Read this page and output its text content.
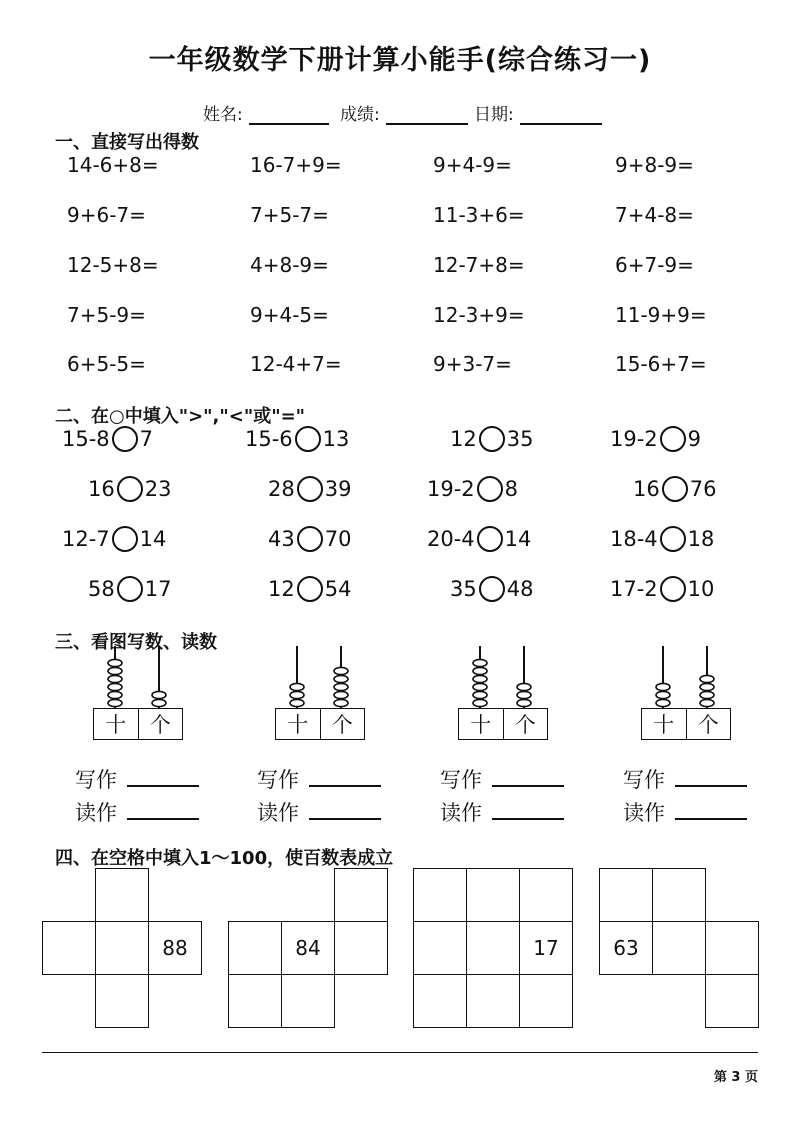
一年级数学下册计算小能手(综合练习一)
姓名:	成绩:	日期:
一、直接写出得数
14-6+8=	16-7+9=	9+4-9=	9+8-9=
9+6-7=	7+5-7=	11-3+6=	7+4-8=
12-5+8=	4+8-9=	12-7+8=	6+7-9=
7+5-9=	9+4-5=	12-3+9=	11-9+9=
6+5-5=	12-4+7=	9+3-7=	15-6+7=
二、在○中填入">","<"或"="
15-8 7	15-6 13	12 35	19-2 9
16 23	28 39	19-2 8	16 76
12-7 14	43 70	20-4 14	18-4 18
58 17	12 54	35 48	17-2 10
三、看图写数、读数
十	个
写作
读作
十	个
写作
读作
十	个
写作
读作
十	个
写作
读作
四、在空格中填入1～100，使百数表成立
88	84	17	63
第 3 页
